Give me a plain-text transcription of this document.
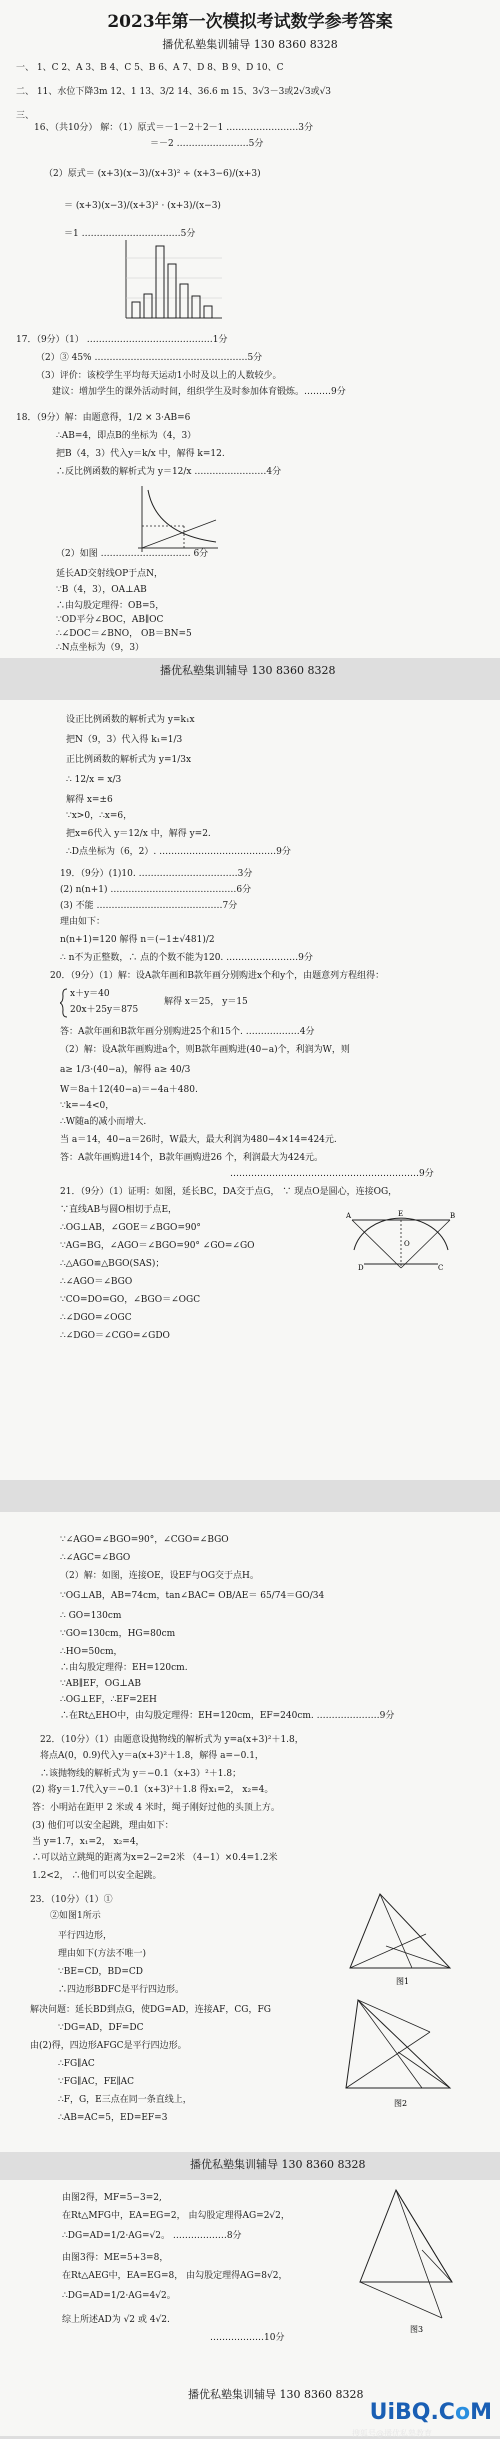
2023年第一次模拟考试数学参考答案
播优私塾集训辅导 130 8360 8328
一、 1、C 2、A 3、B 4、C 5、B 6、A 7、D 8、B 9、D 10、C
二、 11、水位下降3m 12、1 13、3/2 14、36.6 m 15、3√3－3或2√3或√3
三、
16、（共10分） 解：（1）原式＝－1－2＋2－1 ……………………3分
＝－2 ……………………5分
（2）原式＝ (x+3)(x−3)/(x+3)² ÷ (x+3−6)/(x+3)
＝ (x+3)(x−3)/(x+3)² · (x+3)/(x−3)
＝1 ……………………………5分
17．（9分）（1） ……………………………………1分
（2）③ 45% ……………………………………………5分
（3）评价：该校学生平均每天运动1小时及以上的人数较少。
建议：增加学生的课外活动时间，组织学生及时参加体育锻炼。………9分
18．（9分）解：由题意得，1/2 × 3·AB=6
∴AB=4，即点B的坐标为（4，3）
把B（4，3）代入y＝k/x 中，解得 k=12.
∴反比例函数的解析式为 y＝12/x ……………………4分
（2）如图 ………………………… 6分
延长AD交射线OP于点N，
∵B（4，3），OA⊥AB
∴由勾股定理得：OB=5，
∵OD平分∠BOC，AB∥OC
∴∠DOC＝∠BNO， OB＝BN=5
∴N点坐标为（9，3）
播优私塾集训辅导 130 8360 8328
设正比例函数的解析式为 y=k₁x
把N（9，3）代入得 k₁=1/3
正比例函数的解析式为 y=1/3x
∴ 12/x = x/3
解得 x=±6
∵x>0，∴x=6，
把x=6代入 y＝12/x 中，解得 y=2.
∴D点坐标为（6，2）. …………………………………9分
19．（9分）(1)10. ……………………………3分
(2) n(n+1) ……………………………………6分
(3) 不能 ……………………………………7分
理由如下：
n(n+1)=120 解得 n＝(−1±√481)/2
∴ n不为正整数，∴ 点的个数不能为120. ……………………9分
20．（9分）（1）解：设A款年画和B款年画分别购进x个和y个，由题意列方程组得：
x＋y＝40
20x＋25y＝875
解得 x＝25， y＝15
答：A款年画和B款年画分别购进25个和15个. ………………4分
（2）解：设A款年画购进a个，则B款年画购进(40−a)个，利润为W，则
a≥ 1/3·(40−a)，解得 a≥ 40/3
W＝8a＋12(40−a)＝−4a＋480.
∵k=−4<0，
∴W随a的减小而增大.
当 a＝14，40−a＝26时，W最大，最大利润为480−4×14=424元.
答：A款年画购进14个，B款年画购进26 个，利润最大为424元。
………………………………………………………9分
21．（9分）（1）证明：如图，延长BC，DA交于点G， ∵ 现点O是圆心，连接OG，
∵直线AB与圆O相切于点E，
∴OG⊥AB，∠GOE＝∠BGO=90°
∵AG=BG，∠AGO＝∠BGO=90° ∠GO=∠GO
∴△AGO≌△BGO(SAS)；
∴∠AGO＝∠BGO
∵CO=DO=GO，∠BGO＝∠OGC
∴∠DGO=∠OGC
∴∠DGO＝∠CGO=∠GDO
E
A
O
B
C
D
∵∠AGO=∠BGO=90°，∠CGO=∠BGO
∴∠AGC=∠BGO
（2）解：如图，连接OE，设EF与OG交于点H。
∵OG⊥AB，AB=74cm，tan∠BAC= OB/AE＝ 65/74＝GO/34
∴ GO=130cm
∵GO=130cm，HG=80cm
∴HO=50cm，
∴由勾股定理得：EH=120cm.
∵AB∥EF，OG⊥AB
∴OG⊥EF，∴EF=2EH
∴在Rt△EHO中，由勾股定理得：EH=120cm，EF=240cm. …………………9分
22．（10分）（1）由题意设抛物线的解析式为 y=a(x+3)²＋1.8，
将点A(0，0.9)代入y＝a(x+3)²＋1.8，解得 a=−0.1，
∴该抛物线的解析式为 y＝−0.1（x+3）²＋1.8；
(2) 将y＝1.7代入y＝−0.1（x+3)²＋1.8 得x₁=2， x₂=4。
答：小明站在距甲 2 米或 4 米时，绳子刚好过他的头顶上方。
(3) 他们可以安全起跳，理由如下：
当 y=1.7，x₁=2， x₂=4，
∴可以站立跳绳的距离为x=2−2=2米 （4−1）×0.4=1.2米
1.2<2， ∴他们可以安全起跳。
23．（10分）（1）①
②如图1所示
平行四边形，
理由如下(方法不唯一)
∵BE=CD，BD=CD
∴四边形BDFC是平行四边形。
解决问题：延长BD到点G，使DG=AD，连接AF，CG，FG
∵DG=AD，DF=DC
由(2)得，四边形AFGC是平行四边形。
∴FG∥AC
∵FG∥AC，FE∥AC
∴F，G，E三点在同一条直线上，
∴AB=AC=5，ED=EF=3
图1
图2
播优私塾集训辅导 130 8360 8328
由图2得，MF=5−3=2,
在Rt△MFG中，EA=EG=2， 由勾股定理得AG=2√2，
∴DG=AD=1/2·AG=√2。 ………………8分
由图3得：ME=5+3=8，
在Rt△AEG中，EA=EG=8， 由勾股定理得AG=8√2，
∴DG=AD=1/2·AG=4√2。
综上所述AD为 √2 或 4√2.
………………10分
图3
播优私塾集训辅导 130 8360 8328
UiBQ.CoM
搜狐号@播优私塾教育
